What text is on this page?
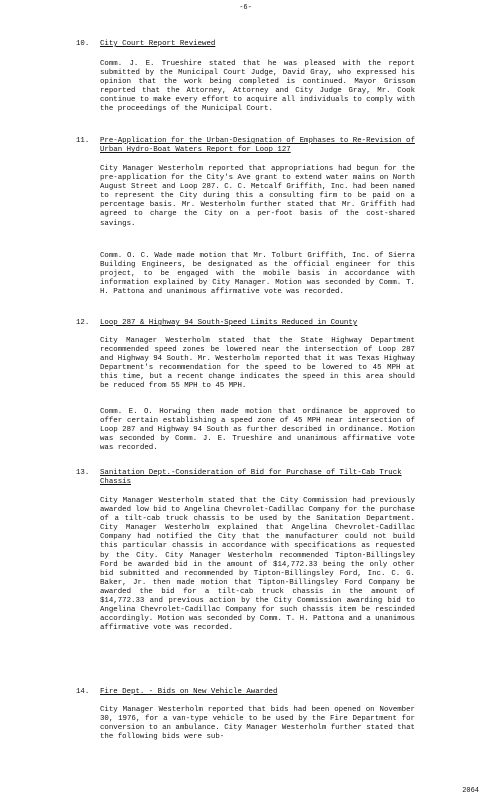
-6-
10. City Court Report Reviewed
Comm. J. E. Trueshire stated that he was pleased with the report submitted by the Municipal Court Judge, David Gray, who expressed his opinion that the work being completed is continued. Mayor Grissom reported that the Attorney, Attorney and City Judge Gray, Mr. Cook continue to make every effort to acquire all individuals to comply with the proceedings of the Municipal Court.
11. Pre-Application for the Urban-Designation of Emphases to Re-Revision of Urban Hydro-Boat Waters Report for Loop 127
City Manager Westerholm reported that appropriations had begun for the pre-application for the City's Ave grant to extend water mains on North August Street and Loop 287. C. C. Metcalf Griffith, Inc. had been named to represent the City during this a consulting firm to be paid on a percentage basis. Mr. Westerholm further stated that Mr. Griffith had agreed to charge the City on a per-foot basis of the cost-shared savings.
Comm. O. C. Wade made motion that Mr. Tolburt Griffith, Inc. of Sierra Building Engineers, be designated as the official engineer for this project, to be engaged with the mobile basis in accordance with information explained by City Manager. Motion was seconded by Comm. T. H. Pattona and unanimous affirmative vote was recorded.
12. Loop 287 & Highway 94 South-Speed Limits Reduced in County
City Manager Westerholm stated that the State Highway Department recommended speed zones be lowered near the intersection of Loop 287 and Highway 94 South. Mr. Westerholm reported that it was Texas Highway Department's recommendation for the speed to be lowered to 45 MPH at this time, but a recent change indicates the speed in this area should be reduced from 55 MPH to 45 MPH.
Comm. E. O. Horwing then made motion that ordinance be approved to offer certain establishing a speed zone of 45 MPH near intersection of Loop 287 and Highway 94 South as further described in ordinance. Motion was seconded by Comm. J. E. Trueshire and unanimous affirmative vote was recorded.
13. Sanitation Dept.-Consideration of Bid for Purchase of Tilt-Cab Truck Chassis
City Manager Westerholm stated that the City Commission had previously awarded low bid to Angelina Chevrolet-Cadillac Company for the purchase of a tilt-cab truck chassis to be used by the Sanitation Department. City Manager Westerholm explained that Angelina Chevrolet-Cadillac Company had notified the City that the manufacturer could not build this particular chassis in accordance with specifications as requested by the City. City Manager Westerholm recommended Tipton-Billingsley Ford be awarded bid in the amount of $14,772.33 being the only other bid submitted and recommended by Tipton-Billingsley Ford, Inc. C. G. Baker, Jr. then made motion that Tipton-Billingsley Ford Company be awarded the bid for a tilt-cab truck chassis in the amount of $14,772.33 and previous action by the City Commission awarding bid to Angelina Chevrolet-Cadillac Company for such chassis item be rescinded accordingly. Motion was seconded by Comm. T. H. Pattona and a unanimous affirmative vote was recorded.
14. Fire Dept. - Bids on New Vehicle Awarded
City Manager Westerholm reported that bids had been opened on November 30, 1976, for a van-type vehicle to be used by the Fire Department for conversion to an ambulance. City Manager Westerholm further stated that the following bids were sub-
2064
